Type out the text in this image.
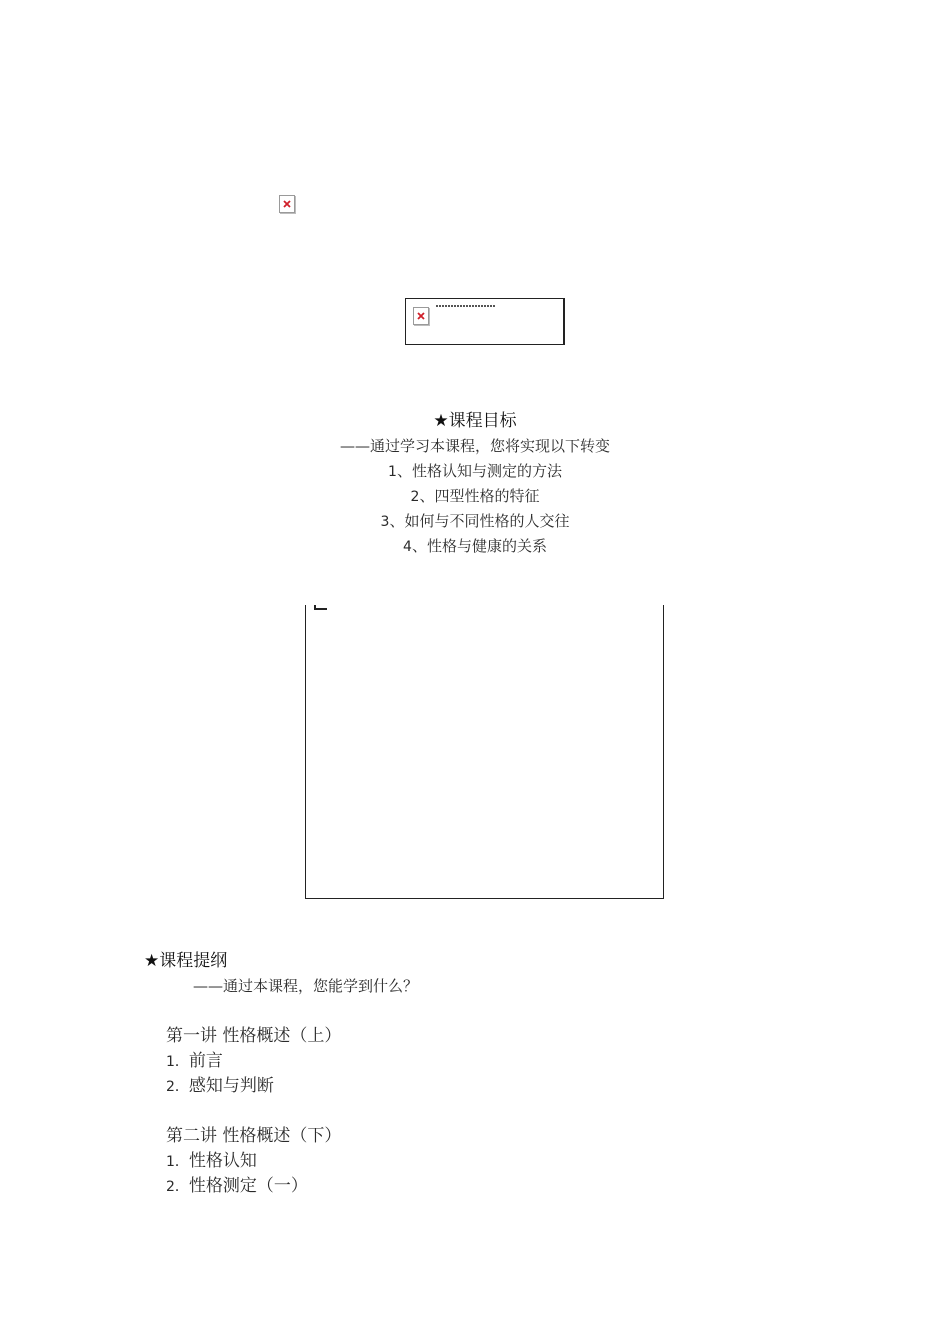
★课程目标
——通过学习本课程，您将实现以下转变
1、性格认知与测定的方法
2、四型性格的特征
3、如何与不同性格的人交往
4、性格与健康的关系
★课程提纲
——通过本课程，您能学到什么？
第一讲 性格概述（上）
1．前言
2．感知与判断
第二讲 性格概述（下）
1．性格认知
2．性格测定（一）
